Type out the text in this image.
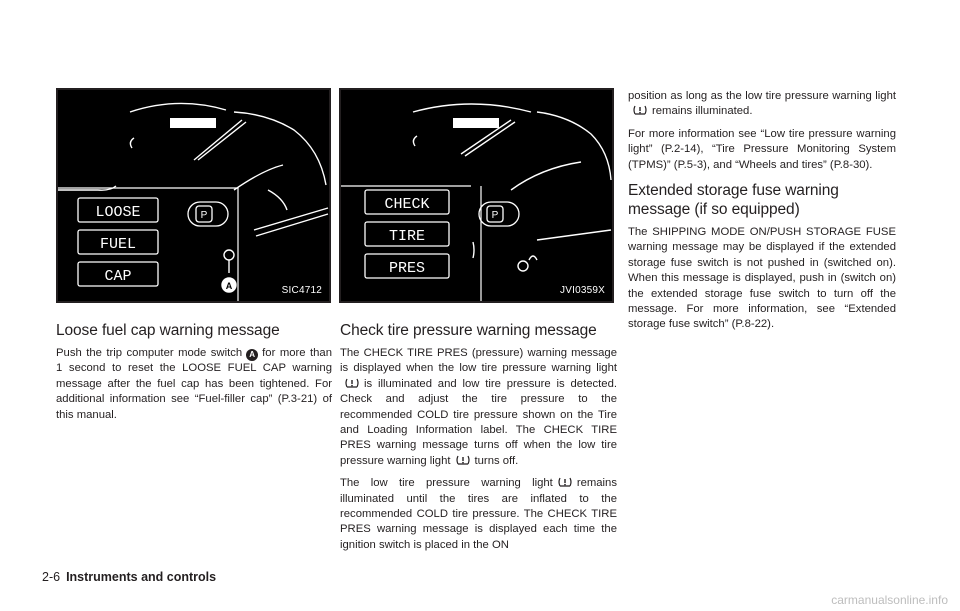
A
P
LOOSE
FUEL
CAP
SIC4712
P
CHECK
TIRE
PRES
JVI0359X
Loose fuel cap warning message

Push the trip computer mode switch A for more than 1 second to reset the LOOSE FUEL CAP warning message after the fuel cap has been tightened. For additional information see “Fuel-filler cap” (P.3-21) of this manual.

Check tire pressure warning message

The CHECK TIRE PRES (pressure) warning message is displayed when the low tire pressure warning light
is illuminated and low tire pressure is detected. Check and adjust the tire pressure to the recommended COLD tire pressure shown on the Tire and Loading Information label. The CHECK TIRE PRES warning message turns off when the low tire pressure warning light turns off.

The low tire pressure warning light remains illuminated until the tires are inflated to the recommended COLD tire pressure. The CHECK TIRE PRES warning message is displayed each time the ignition switch is placed in the ON

position as long as the low tire pressure warning light
remains illuminated.

For more information see “Low tire pressure warning light” (P.2-14), “Tire Pressure Monitoring System (TPMS)” (P.5-3), and “Wheels and tires” (P.8-30).

Extended storage fuse warning message (if so equipped)

The SHIPPING MODE ON/PUSH STORAGE FUSE warning message may be displayed if the extended storage fuse switch is not pushed in (switched on). When this message is displayed, push in (switch on) the extended storage fuse switch to turn off the message. For more information, see “Extended storage fuse switch” (P.8-22).

2-6 Instruments and controls
carmanualsonline.info
